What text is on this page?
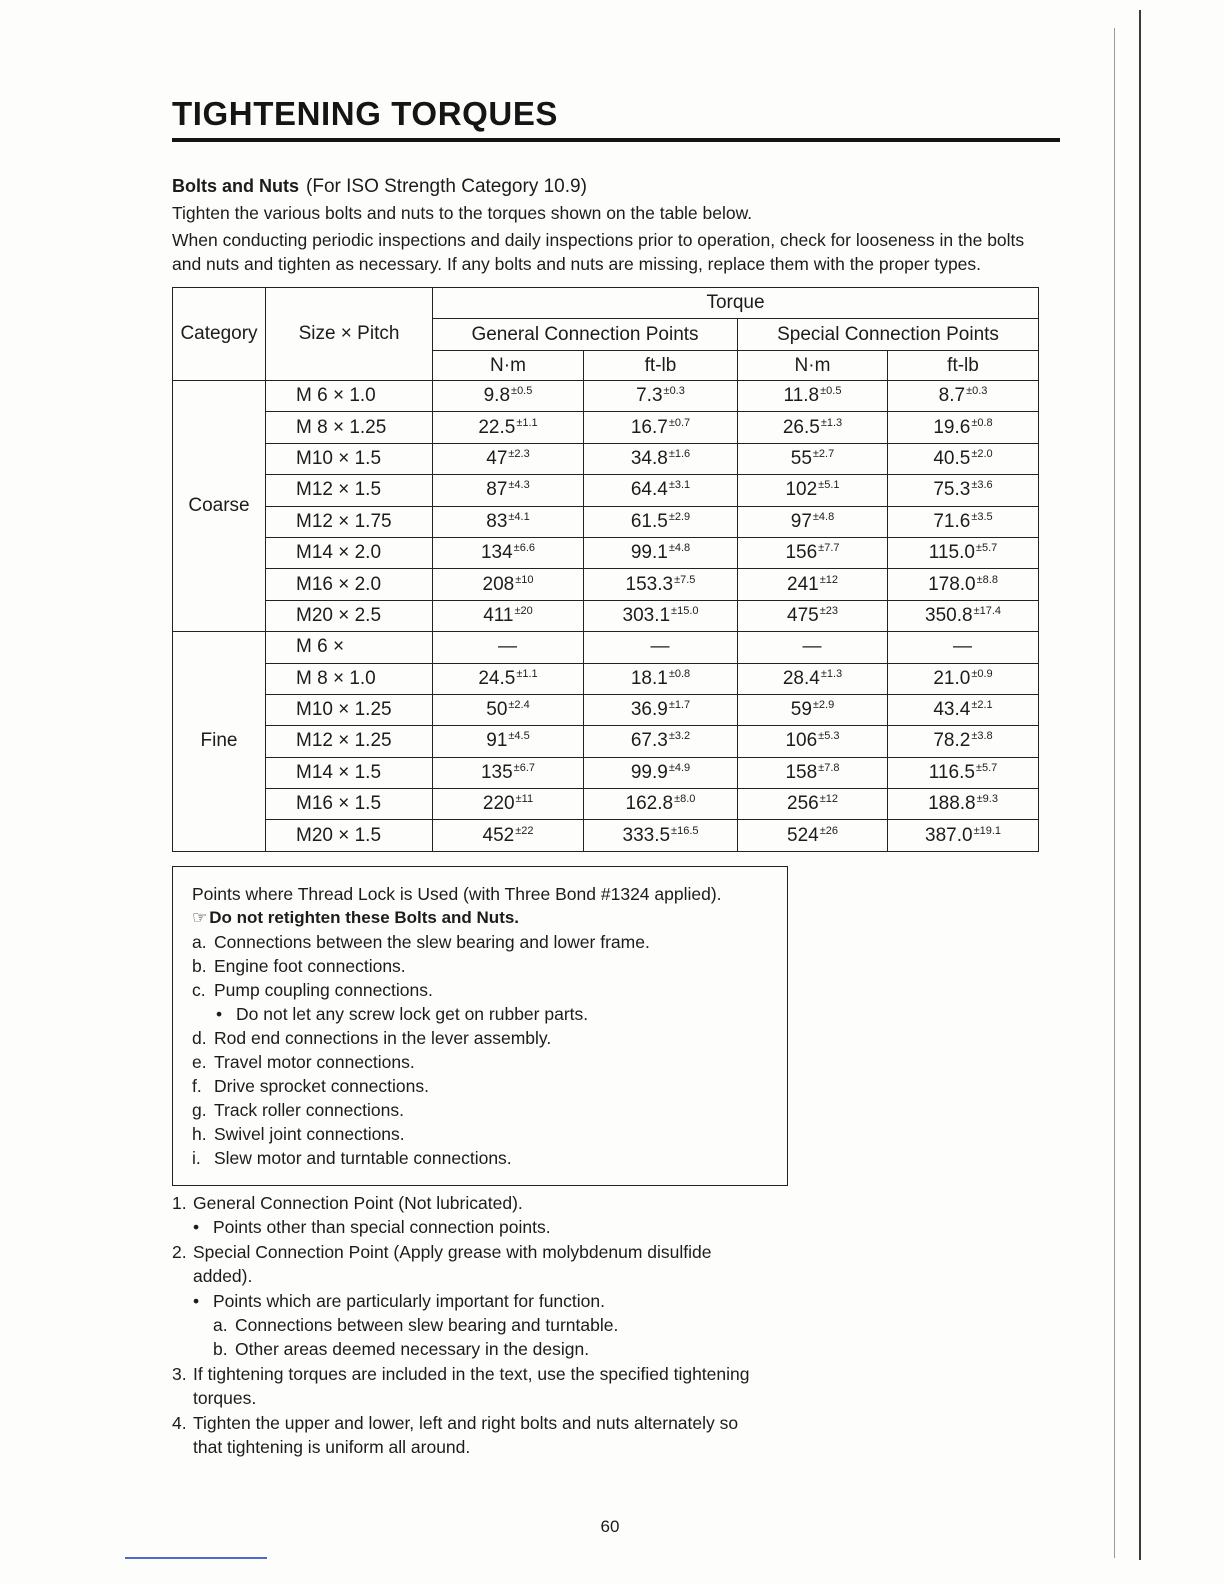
TIGHTENING TORQUES
Bolts and Nuts (For ISO Strength Category 10.9)
Tighten the various bolts and nuts to the torques shown on the table below.
When conducting periodic inspections and daily inspections prior to operation, check for looseness in the bolts
and nuts and tighten as necessary. If any bolts and nuts are missing, replace them with the proper types.
Category	Size × Pitch	Torque			
		General Connection Points		Special Connection Points	
		N·m	ft-lb	N·m	ft-lb
Coarse	M 6 × 1.0	$9.8^{\pm 0.5}$	$7.3^{\pm 0.3}$	$11.8^{\pm 0.5}$	$8.7^{\pm 0.3}$
	M 8 × 1.25	$22.5^{\pm 1.1}$	$16.7^{\pm 0.7}$	$26.5^{\pm 1.3}$	$19.6^{\pm 0.8}$
	M10 × 1.5	$47^{\pm 2.3}$	$34.8^{\pm 1.6}$	$55^{\pm 2.7}$	$40.5^{\pm 2.0}$
	M12 × 1.5	$87^{\pm 4.3}$	$64.4^{\pm 3.1}$	$102^{\pm 5.1}$	$75.3^{\pm 3.6}$
	M12 × 1.75	$83^{\pm 4.1}$	$61.5^{\pm 2.9}$	$97^{\pm 4.8}$	$71.6^{\pm 3.5}$
	M14 × 2.0	$134^{\pm 6.6}$	$99.1^{\pm 4.8}$	$156^{\pm 7.7}$	$115.0^{\pm 5.7}$
	M16 × 2.0	$208^{\pm 10}$	$153.3^{\pm 7.5}$	$241^{\pm 12}$	$178.0^{\pm 8.8}$
	M20 × 2.5	$411^{\pm 20}$	$303.1^{\pm 15.0}$	$475^{\pm 23}$	$350.8^{\pm 17.4}$
Fine	M 6 ×	—	—	—	—
	M 8 × 1.0	$24.5^{\pm 1.1}$	$18.1^{\pm 0.8}$	$28.4^{\pm 1.3}$	$21.0^{\pm 0.9}$
	M10 × 1.25	$50^{\pm 2.4}$	$36.9^{\pm 1.7}$	$59^{\pm 2.9}$	$43.4^{\pm 2.1}$
	M12 × 1.25	$91^{\pm 4.5}$	$67.3^{\pm 3.2}$	$106^{\pm 5.3}$	$78.2^{\pm 3.8}$
	M14 × 1.5	$135^{\pm 6.7}$	$99.9^{\pm 4.9}$	$158^{\pm 7.8}$	$116.5^{\pm 5.7}$
	M16 × 1.5	$220^{\pm 11}$	$162.8^{\pm 8.0}$	$256^{\pm 12}$	$188.8^{\pm 9.3}$
	M20 × 1.5	$452^{\pm 22}$	$333.5^{\pm 16.5}$	$524^{\pm 26}$	$387.0^{\pm 19.1}$
Points where Thread Lock is Used (with Three Bond #1324 applied).
☞
Do not retighten these Bolts and Nuts.
a. Connections between the slew bearing and lower frame.
b. Engine foot connections.
c. Pump coupling connections.
•
Do not let any screw lock get on rubber parts.
d. Rod end connections in the lever assembly.
e. Travel motor connections.
f. Drive sprocket connections.
g. Track roller connections.
h. Swivel joint connections.
i. Slew motor and turntable connections.
1. General Connection Point (Not lubricated).
•
Points other than special connection points.
2. Special Connection Point (Apply grease with molybdenum disulfide
added).
•
Points which are particularly important for function.
a. Connections between slew bearing and turntable.
b. Other areas deemed necessary in the design.
3. If tightening torques are included in the text, use the specified tightening
torques.
4. Tighten the upper and lower, left and right bolts and nuts alternately so
that tightening is uniform all around.
60
